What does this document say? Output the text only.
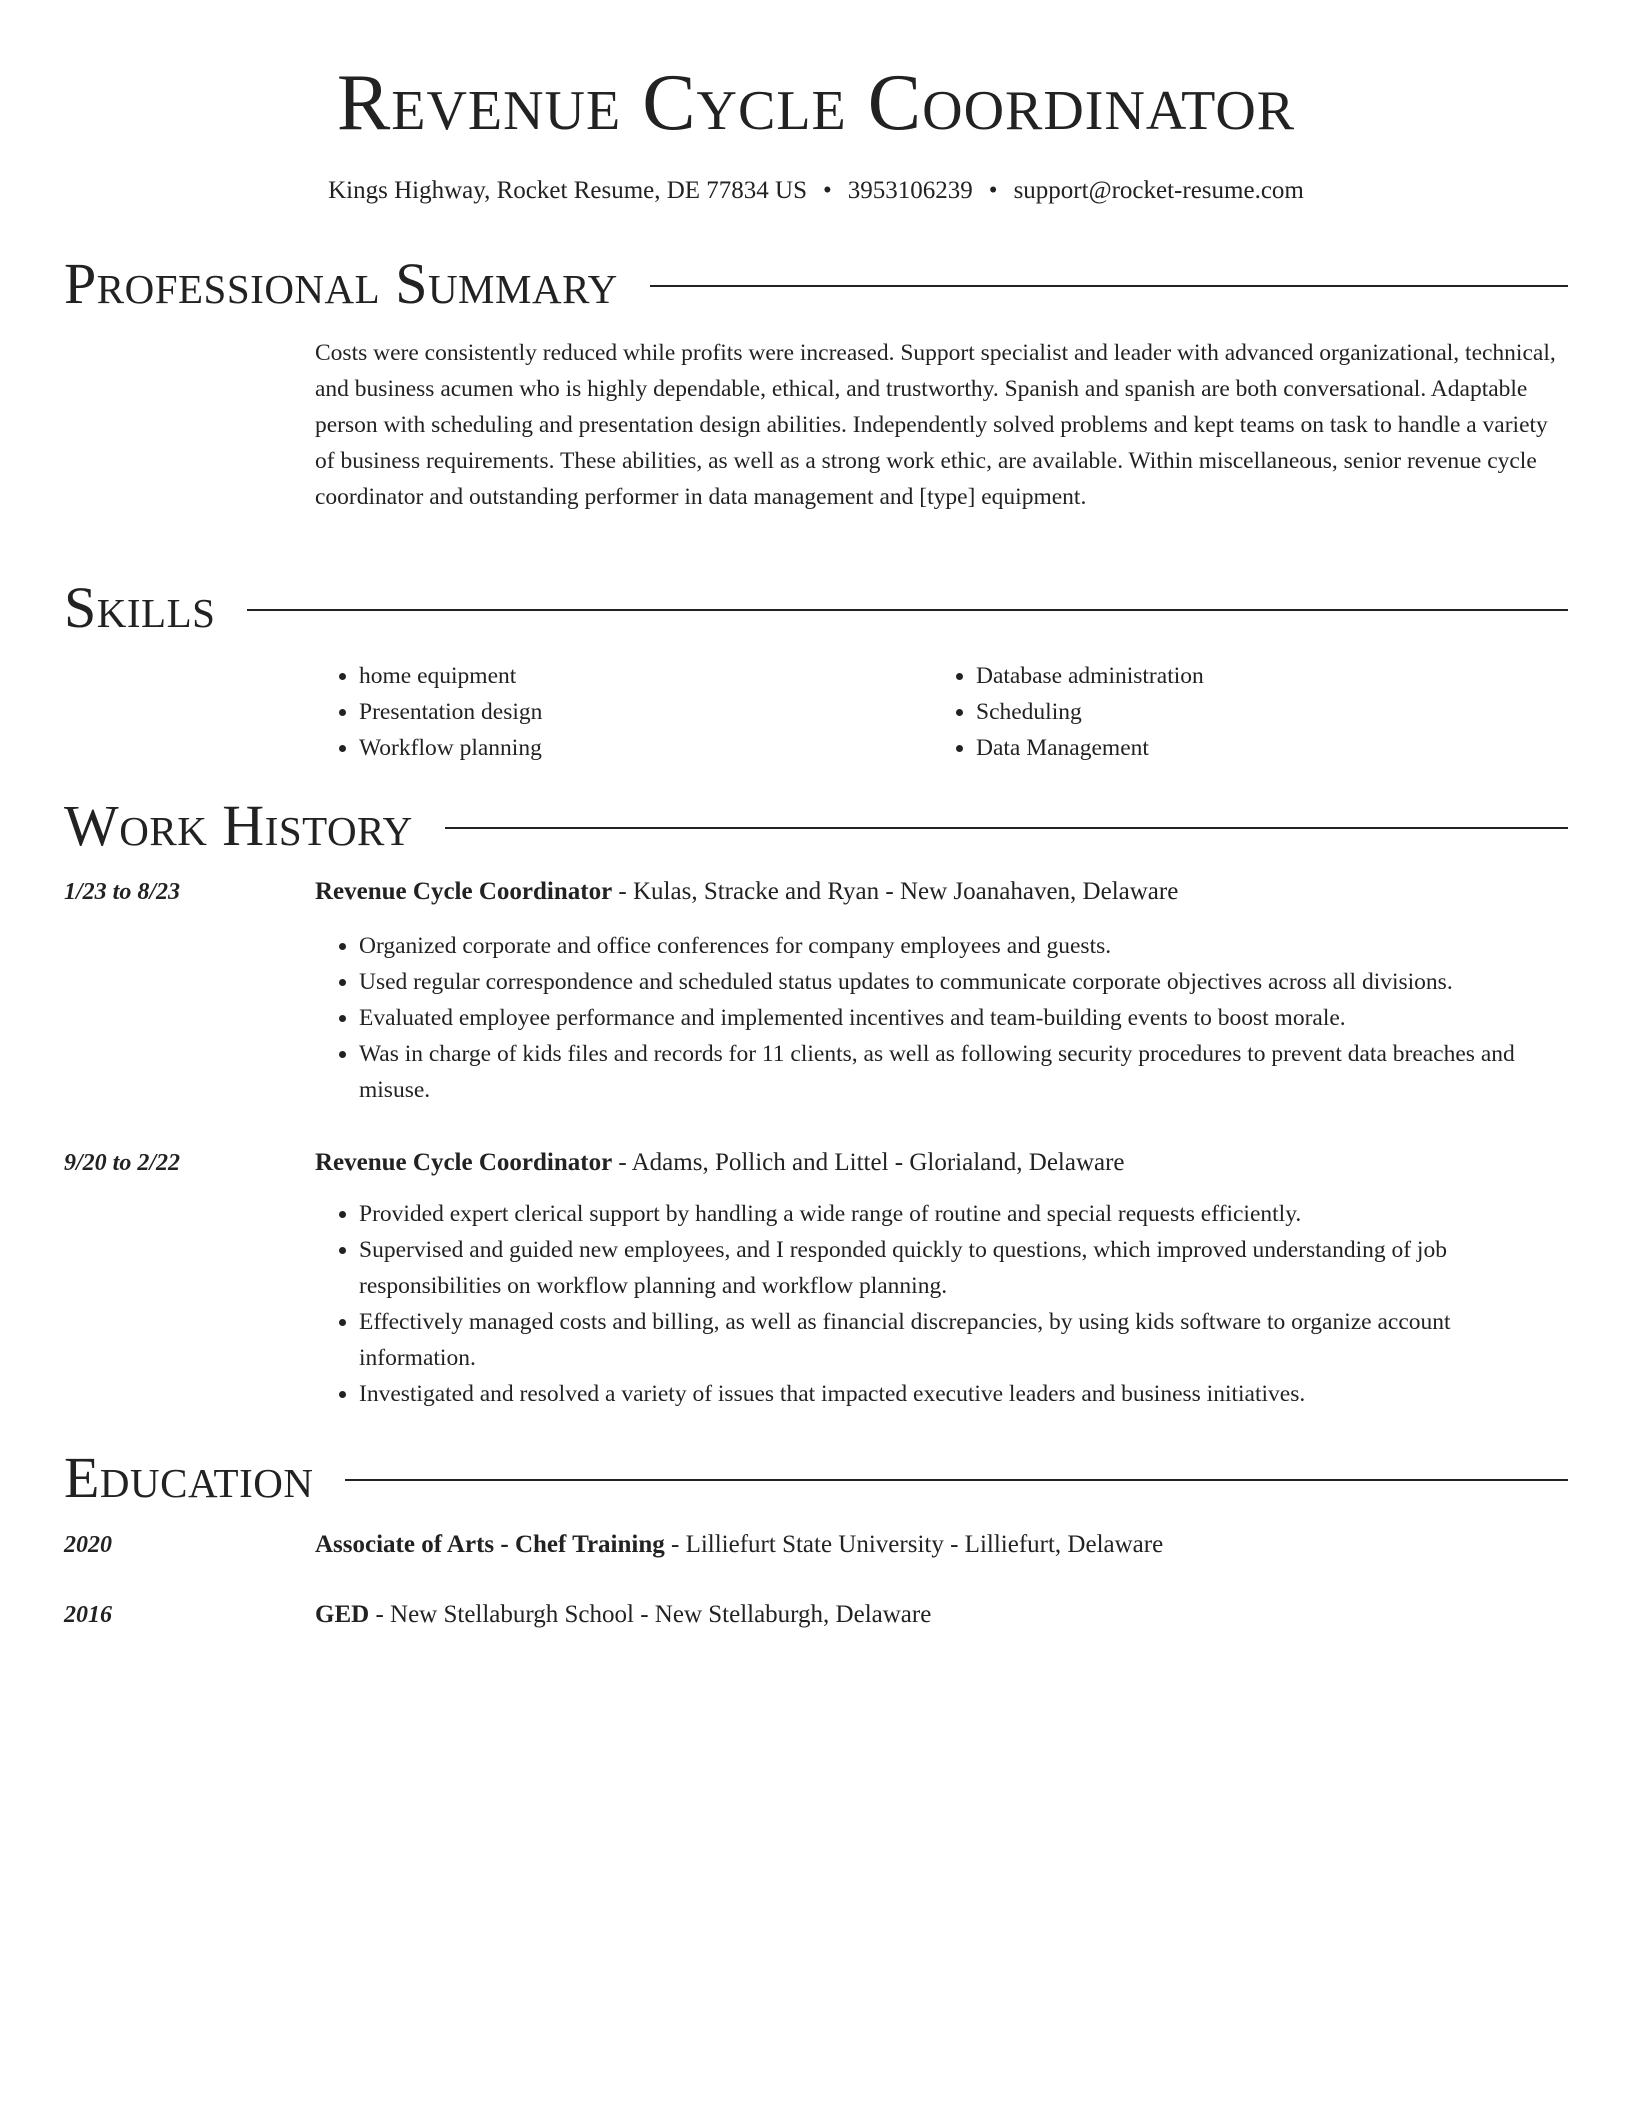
Revenue Cycle Coordinator
Kings Highway, Rocket Resume, DE 77834 US • 3953106239 • support@rocket-resume.com
Professional Summary

Costs were consistently reduced while profits were increased. Support specialist and leader with advanced organizational, technical, and business acumen who is highly dependable, ethical, and trustworthy. Spanish and spanish are both conversational. Adaptable person with scheduling and presentation design abilities. Independently solved problems and kept teams on task to handle a variety of business requirements. These abilities, as well as a strong work ethic, are available. Within miscellaneous, senior revenue cycle coordinator and outstanding performer in data management and [type] equipment.

Skills
• home equipment
• Presentation design
• Workflow planning
• Database administration
• Scheduling
• Data Management
Work History
1/23 to 8/23	Revenue Cycle Coordinator - Kulas, Stracke and Ryan - New Joanahaven, Delaware
• Organized corporate and office conferences for company employees and guests.
• Used regular correspondence and scheduled status updates to communicate corporate objectives across all divisions.
• Evaluated employee performance and implemented incentives and team-building events to boost morale.
• Was in charge of kids files and records for 11 clients, as well as following security procedures to prevent data breaches and misuse.
9/20 to 2/22	Revenue Cycle Coordinator - Adams, Pollich and Littel - Glorialand, Delaware
• Provided expert clerical support by handling a wide range of routine and special requests efficiently.
• Supervised and guided new employees, and I responded quickly to questions, which improved understanding of job responsibilities on workflow planning and workflow planning.
• Effectively managed costs and billing, as well as financial discrepancies, by using kids software to organize account information.
• Investigated and resolved a variety of issues that impacted executive leaders and business initiatives.
Education
2020	Associate of Arts - Chef Training - Lilliefurt State University - Lilliefurt, Delaware
2016	GED - New Stellaburgh School - New Stellaburgh, Delaware
